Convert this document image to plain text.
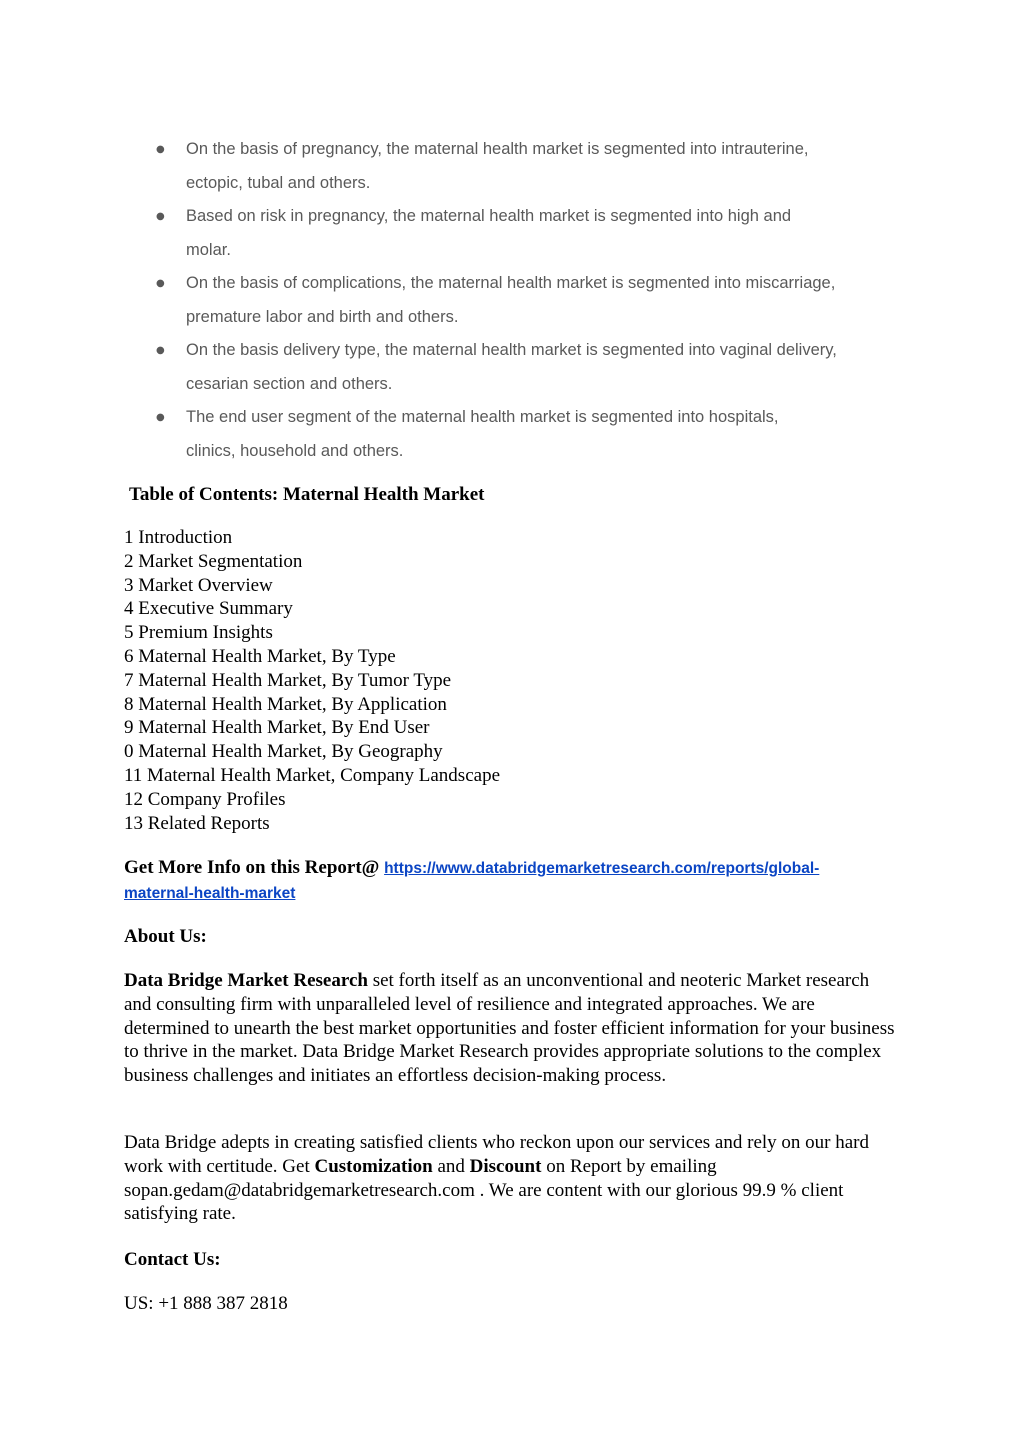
● On the basis of pregnancy, the maternal health market is segmented into intrauterine,
ectopic, tubal and others.
● Based on risk in pregnancy, the maternal health market is segmented into high and
molar.
● On the basis of complications, the maternal health market is segmented into miscarriage,
premature labor and birth and others.
● On the basis delivery type, the maternal health market is segmented into vaginal delivery,
cesarian section and others.
● The end user segment of the maternal health market is segmented into hospitals,
clinics, household and others.
Table of Contents: Maternal Health Market
1 Introduction
2 Market Segmentation
3 Market Overview
4 Executive Summary
5 Premium Insights
6 Maternal Health Market, By Type
7 Maternal Health Market, By Tumor Type
8 Maternal Health Market, By Application
9 Maternal Health Market, By End User
0 Maternal Health Market, By Geography
11 Maternal Health Market, Company Landscape
12 Company Profiles
13 Related Reports

Get More Info on this Report@ https://www.databridgemarketresearch.com/reports/global-
maternal-health-market

About Us:

Data Bridge Market Research set forth itself as an unconventional and neoteric Market research and consulting firm with unparalleled level of resilience and integrated approaches. We are determined to unearth the best market opportunities and foster efficient information for your business to thrive in the market. Data Bridge Market Research provides appropriate solutions to the complex business challenges and initiates an effortless decision-making process.

Data Bridge adepts in creating satisfied clients who reckon upon our services and rely on our hard work with certitude. Get Customization and Discount on Report by emailing sopan.gedam@databridgemarketresearch.com . We are content with our glorious 99.9 % client satisfying rate.

Contact Us:

US: +1 888 387 2818
